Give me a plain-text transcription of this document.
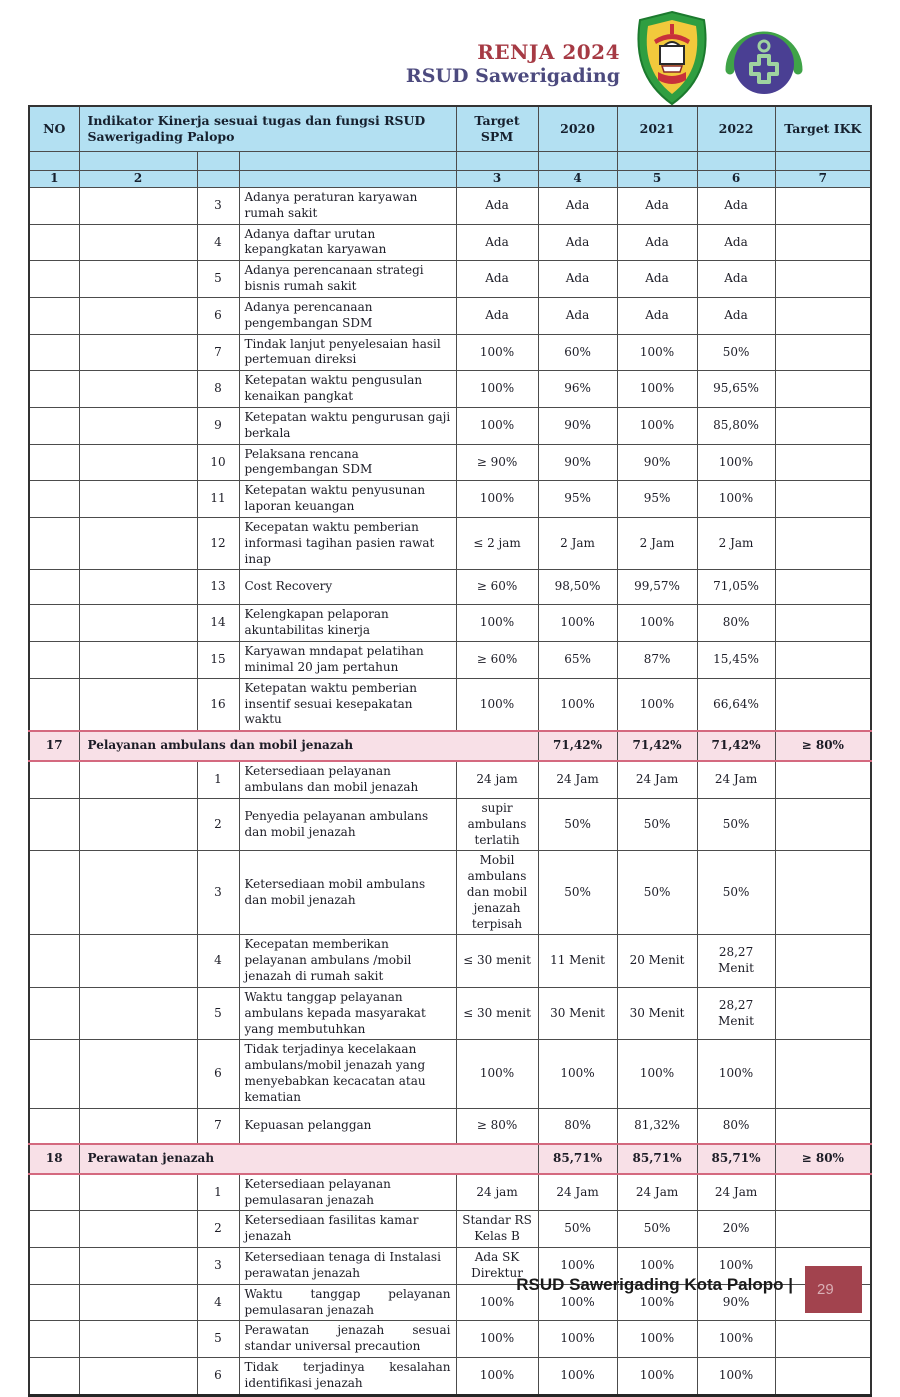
RENJA 2024
RSUD Sawerigading
NO	Indikator Kinerja sesuai tugas dan fungsi RSUD Sawerigading Palopo			Target SPM	2020	2021	2022	Target IKK

1	2			3	4	5	6	7
		3	Adanya peraturan karyawan rumah sakit	Ada	Ada	Ada	Ada	
		4	Adanya daftar urutan kepangkatan karyawan	Ada	Ada	Ada	Ada	
		5	Adanya perencanaan strategi bisnis rumah sakit	Ada	Ada	Ada	Ada	
		6	Adanya perencanaan pengembangan SDM	Ada	Ada	Ada	Ada	
		7	Tindak lanjut penyelesaian hasil pertemuan direksi	100%	60%	100%	50%	
		8	Ketepatan waktu pengusulan kenaikan pangkat	100%	96%	100%	95,65%	
		9	Ketepatan waktu pengurusan gaji berkala	100%	90%	100%	85,80%	
		10	Pelaksana rencana pengembangan SDM	≥ 90%	90%	90%	100%	
		11	Ketepatan waktu penyusunan laporan keuangan	100%	95%	95%	100%	
		12	Kecepatan waktu pemberian informasi tagihan pasien rawat inap	≤ 2 jam	2 Jam	2 Jam	2 Jam	
		13	Cost Recovery	≥ 60%	98,50%	99,57%	71,05%	
		14	Kelengkapan pelaporan akuntabilitas kinerja	100%	100%	100%	80%	
		15	Karyawan mndapat pelatihan minimal 20 jam pertahun	≥ 60%	65%	87%	15,45%	
		16	Ketepatan waktu pemberian insentif sesuai kesepakatan waktu	100%	100%	100%	66,64%	
17	Pelayanan ambulans dan mobil jenazah				71,42%	71,42%	71,42%	≥ 80%
		1	Ketersediaan pelayanan ambulans dan mobil jenazah	24 jam	24 Jam	24 Jam	24 Jam	
		2	Penyedia pelayanan ambulans dan mobil jenazah	supir ambulans terlatih	50%	50%	50%	
		3	Ketersediaan mobil ambulans dan mobil jenazah	Mobil ambulans dan mobil jenazah terpisah	50%	50%	50%	
		4	Kecepatan memberikan pelayanan ambulans /mobil jenazah di rumah sakit	≤ 30 menit	11 Menit	20 Menit	28,27 Menit	
		5	Waktu tanggap pelayanan ambulans kepada masyarakat yang membutuhkan	≤ 30 menit	30 Menit	30 Menit	28,27 Menit	
		6	Tidak terjadinya kecelakaan ambulans/mobil jenazah yang menyebabkan kecacatan atau kematian	100%	100%	100%	100%	
		7	Kepuasan pelanggan	≥ 80%	80%	81,32%	80%	
18	Perawatan jenazah				85,71%	85,71%	85,71%	≥ 80%
		1	Ketersediaan pelayanan pemulasaran jenazah	24 jam	24 Jam	24 Jam	24 Jam	
		2	Ketersediaan fasilitas kamar jenazah	Standar RS Kelas B	50%	50%	20%	
		3	Ketersediaan tenaga di Instalasi perawatan jenazah	Ada SK Direktur	100%	100%	100%	
		4	Waktu tanggap pelayanan pemulasaran jenazah	100%	100%	100%	90%	
		5	Perawatan jenazah sesuai standar universal precaution	100%	100%	100%	100%	
		6	Tidak terjadinya kesalahan identifikasi jenazah	100%	100%	100%	100%	
RSUD Sawerigading Kota Palopo |	29
